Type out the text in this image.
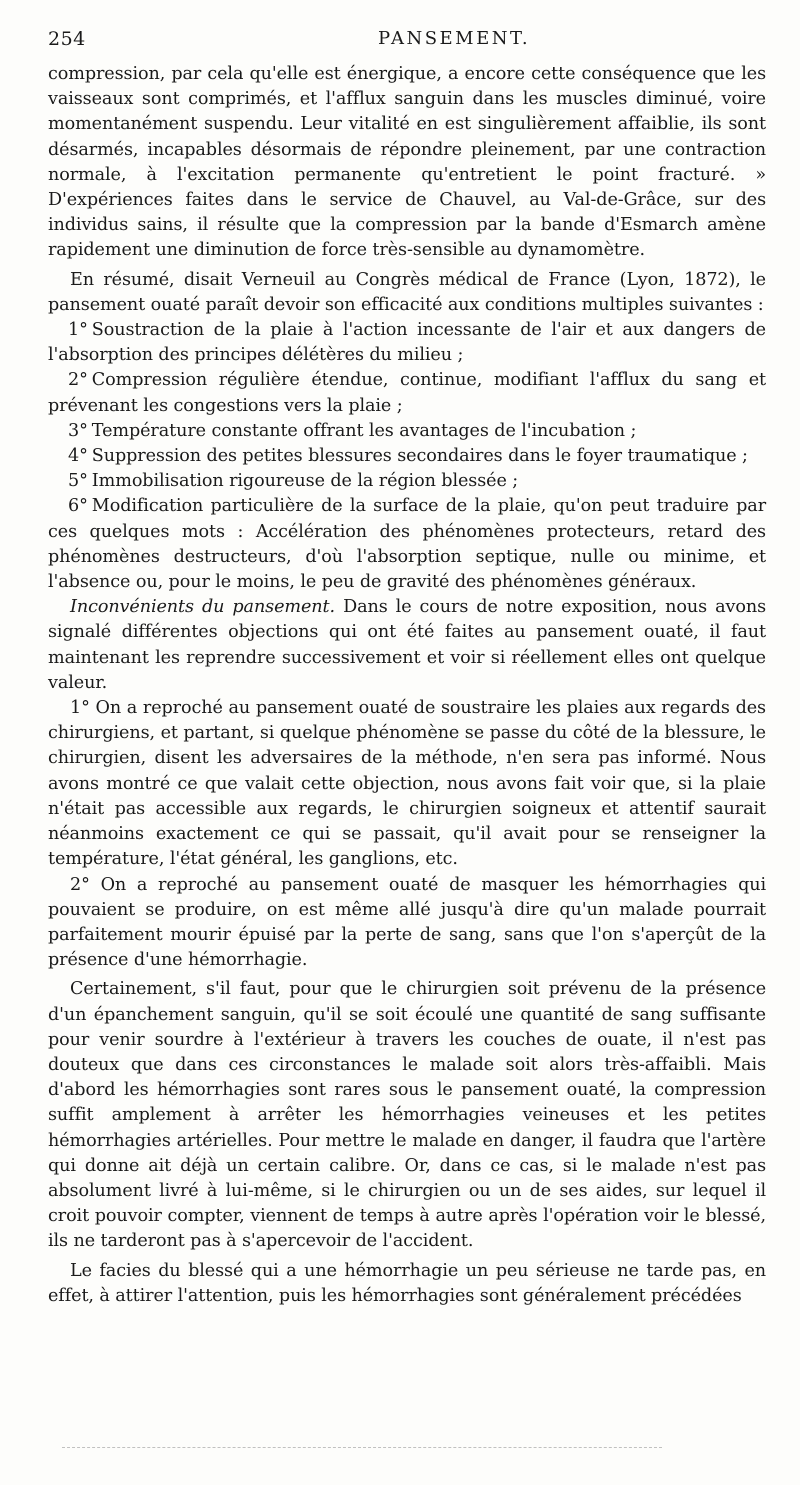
254	PANSEMENT.

compression, par cela qu'elle est énergique, a encore cette conséquence que les vaisseaux sont comprimés, et l'afflux sanguin dans les muscles diminué, voire momentanément suspendu. Leur vitalité en est singulièrement affaiblie, ils sont désarmés, incapables désormais de répondre pleinement, par une contraction normale, à l'excitation permanente qu'entretient le point fracturé. » D'expériences faites dans le service de Chauvel, au Val-de-Grâce, sur des individus sains, il résulte que la compression par la bande d'Esmarch amène rapidement une diminution de force très-sensible au dynamomètre.

En résumé, disait Verneuil au Congrès médical de France (Lyon, 1872), le pansement ouaté paraît devoir son efficacité aux conditions multiples suivantes :

1° Soustraction de la plaie à l'action incessante de l'air et aux dangers de l'absorption des principes délétères du milieu ;

2° Compression régulière étendue, continue, modifiant l'afflux du sang et prévenant les congestions vers la plaie ;

3° Température constante offrant les avantages de l'incubation ;

4° Suppression des petites blessures secondaires dans le foyer traumatique ;

5° Immobilisation rigoureuse de la région blessée ;

6° Modification particulière de la surface de la plaie, qu'on peut traduire par ces quelques mots : Accélération des phénomènes protecteurs, retard des phénomènes destructeurs, d'où l'absorption septique, nulle ou minime, et l'absence ou, pour le moins, le peu de gravité des phénomènes généraux.

Inconvénients du pansement. Dans le cours de notre exposition, nous avons signalé différentes objections qui ont été faites au pansement ouaté, il faut maintenant les reprendre successivement et voir si réellement elles ont quelque valeur.

1° On a reproché au pansement ouaté de soustraire les plaies aux regards des chirurgiens, et partant, si quelque phénomène se passe du côté de la blessure, le chirurgien, disent les adversaires de la méthode, n'en sera pas informé. Nous avons montré ce que valait cette objection, nous avons fait voir que, si la plaie n'était pas accessible aux regards, le chirurgien soigneux et attentif saurait néanmoins exactement ce qui se passait, qu'il avait pour se renseigner la température, l'état général, les ganglions, etc.

2° On a reproché au pansement ouaté de masquer les hémorrhagies qui pouvaient se produire, on est même allé jusqu'à dire qu'un malade pourrait parfaitement mourir épuisé par la perte de sang, sans que l'on s'aperçût de la présence d'une hémorrhagie.

Certainement, s'il faut, pour que le chirurgien soit prévenu de la présence d'un épanchement sanguin, qu'il se soit écoulé une quantité de sang suffisante pour venir sourdre à l'extérieur à travers les couches de ouate, il n'est pas douteux que dans ces circonstances le malade soit alors très-affaibli. Mais d'abord les hémorrhagies sont rares sous le pansement ouaté, la compression suffit amplement à arrêter les hémorrhagies veineuses et les petites hémorrhagies artérielles. Pour mettre le malade en danger, il faudra que l'artère qui donne ait déjà un certain calibre. Or, dans ce cas, si le malade n'est pas absolument livré à lui-même, si le chirurgien ou un de ses aides, sur lequel il croit pouvoir compter, viennent de temps à autre après l'opération voir le blessé, ils ne tarderont pas à s'apercevoir de l'accident.

Le facies du blessé qui a une hémorrhagie un peu sérieuse ne tarde pas, en effet, à attirer l'attention, puis les hémorrhagies sont généralement précédées
